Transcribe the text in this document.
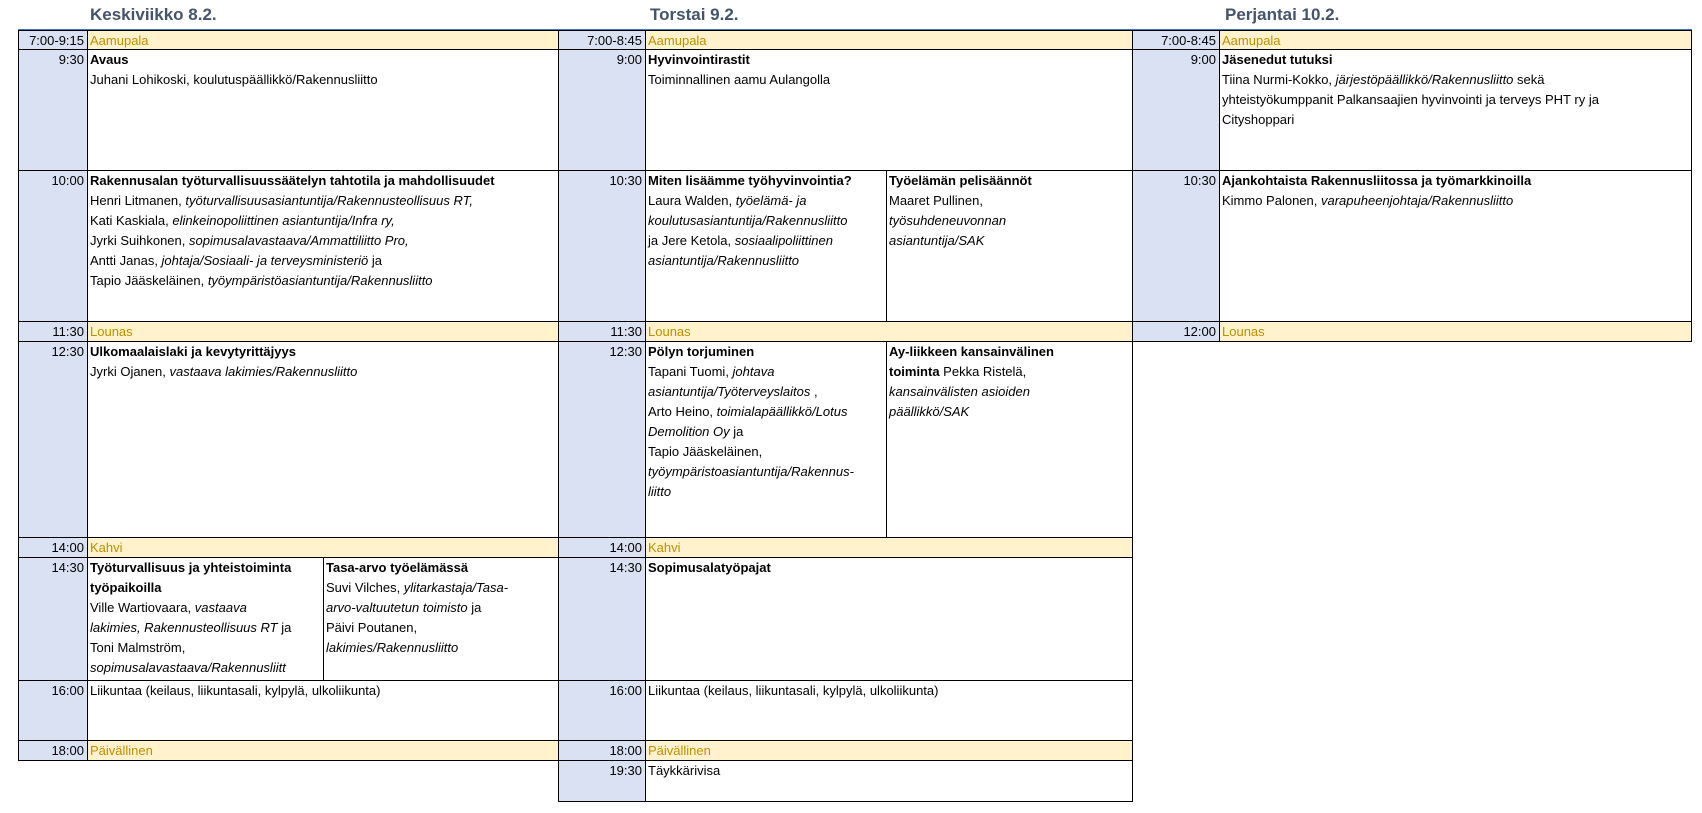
Keskiviikko 8.2.	Torstai 9.2.	Perjantai 10.2.
7:00-9:15 Aamupala
9:30 Avaus
Juhani Lohikoski, koulutuspäällikkö/Rakennusliitto
10:00 Rakennusalan työturvallisuussäätelyn tahtotila ja mahdollisuudet
Henri Litmanen, työturvallisuusasiantuntija/Rakennusteollisuus RT,
Kati Kaskiala, elinkeinopoliittinen asiantuntija/Infra ry,
Jyrki Suihkonen, sopimusalavastaava/Ammattiliitto Pro,
Antti Janas, johtaja/Sosiaali- ja terveysministeriö ja
Tapio Jääskeläinen, työympäristöasiantuntija/Rakennusliitto
11:30 Lounas
12:30 Ulkomaalaislaki ja kevytyrittäjyys
Jyrki Ojanen, vastaava lakimies/Rakennusliitto
14:00 Kahvi
14:30 Työturvallisuus ja yhteistoiminta työpaikoilla
Ville Wartiovaara, vastaava
lakimies, Rakennusteollisuus RT ja
Toni Malmström,
sopimusalavastaava/Rakennusliitt
Tasa-arvo työelämässä
Suvi Vilches, ylitarkastaja/Tasa-
arvo-valtuutetun toimisto ja
Päivi Poutanen,
lakimies/Rakennusliitto
16:00 Liikuntaa (keilaus, liikuntasali, kylpylä, ulkoliikunta)
18:00 Päivällinen
7:00-8:45 Aamupala
9:00 Hyvinvointirastit
Toiminnallinen aamu Aulangolla
10:30 Miten lisäämme työhyvinvointia?
Laura Walden, työelämä- ja
koulutusasiantuntija/Rakennusliitto
ja Jere Ketola, sosiaalipoliittinen
asiantuntija/Rakennusliitto
Työelämän pelisäännöt
Maaret Pullinen,
työsuhdeneuvonnan
asiantuntija/SAK
11:30 Lounas
12:30 Pölyn torjuminen
Tapani Tuomi, johtava
asiantuntija/Työterveyslaitos ,
Arto Heino, toimialapäällikkö/Lotus
Demolition Oy ja
Tapio Jääskeläinen,
työympäristoasiantuntija/Rakennus-
liitto
Ay-liikkeen kansainvälinen
toiminta Pekka Ristelä,
kansainvälisten asioiden
päällikkö/SAK
14:00 Kahvi
14:30 Sopimusalatyöpajat
16:00 Liikuntaa (keilaus, liikuntasali, kylpylä, ulkoliikunta)
18:00 Päivällinen
19:30 Täykkärivisa
7:00-8:45 Aamupala
9:00 Jäsenedut tutuksi
Tiina Nurmi-Kokko, järjestöpäällikkö/Rakennusliitto sekä
yhteistyökumppanit Palkansaajien hyvinvointi ja terveys PHT ry ja
Cityshoppari
10:30 Ajankohtaista Rakennusliitossa ja työmarkkinoilla
Kimmo Palonen, varapuheenjohtaja/Rakennusliitto
12:00 Lounas
